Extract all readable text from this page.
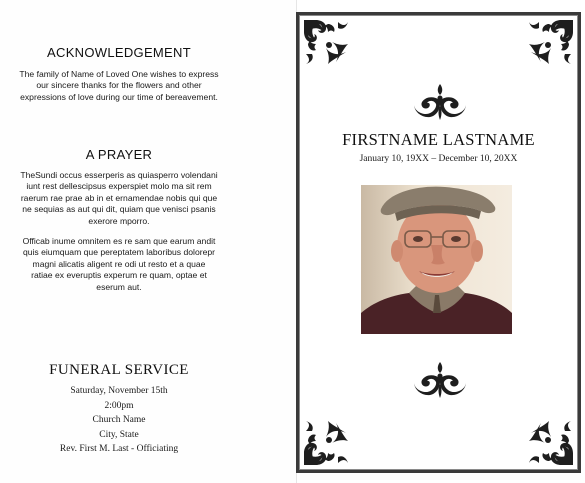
ACKNOWLEDGEMENT

The family of Name of Loved One wishes to express

our sincere thanks for the flowers and other

expressions of love during our time of bereavement.

A PRAYER

TheSundi occus esserperis as quiasperro volendani

iunt rest dellescipsus experspiet molo ma sit rem

raerum rae prae ab in et ernamendae nobis qui que

ne sequias as aut qui dit, quiam que venisci psanis

exerore mporro.

Officab inume omnitem es re sam que earum andit

quis eiumquam que pereptatem laboribus dolorepr

magni alicatis aligent re odi ut resto et a quae

ratiae ex everuptis experum re quam, optae et

eserum aut.

FUNERAL SERVICE
Saturday, November 15th
2:00pm
Church Name
City, State
Rev. First M. Last - Officiating
FIRSTNAME LASTNAME
January 10, 19XX – December 10, 20XX
